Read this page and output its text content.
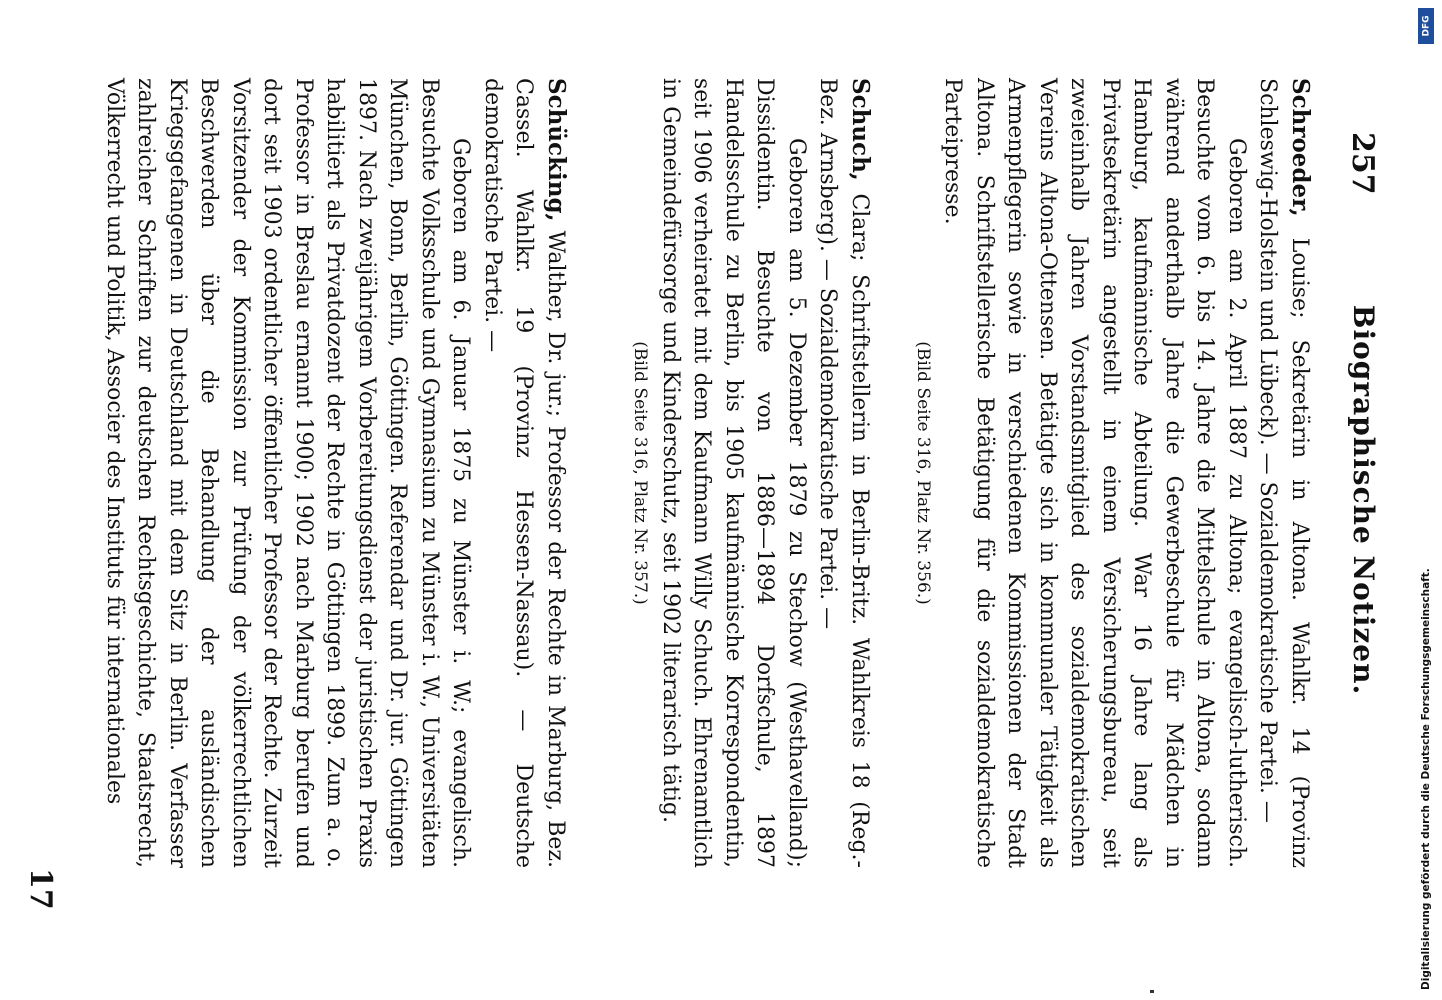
Biographische Notizen.
257

Schroeder, Louise; Sekretärin in Altona. Wahlkr. 14 (Provinz Schleswig-Holstein und Lübeck). — Sozialdemokratische Partei. —

Geboren am 2. April 1887 zu Altona; evangelisch-lutherisch. Besuchte vom 6. bis 14. Jahre die Mittelschule in Altona, sodann während anderthalb Jahre die Gewerbeschule für Mädchen in Hamburg, kaufmännische Abteilung. War 16 Jahre lang als Privatsekretärin angestellt in einem Versicherungsbureau, seit zweieinhalb Jahren Vorstandsmitglied des sozialdemokratischen Vereins Altona-Ottensen. Betätigte sich in kommunaler Tätigkeit als Armenpflegerin sowie in verschiedenen Kommissionen der Stadt Altona. Schriftstellerische Betätigung für die sozialdemokratische Parteipresse.

(Bild Seite 316, Platz Nr. 356.)

Schuch, Clara; Schriftstellerin in Berlin-Britz. Wahlkreis 18 (Reg.-Bez. Arnsberg). — Sozialdemokratische Partei. —

Geboren am 5. Dezember 1879 zu Stechow (Westhavelland); Dissidentin. Besuchte von 1886—1894 Dorfschule, 1897 Handelsschule zu Berlin, bis 1905 kaufmännische Korrespondentin, seit 1906 verheiratet mit dem Kaufmann Willy Schuch. Ehrenamtlich in Gemeindefürsorge und Kinderschutz, seit 1902 literarisch tätig.

(Bild Seite 316, Platz Nr. 357.)

Schücking, Walther, Dr. jur.; Professor der Rechte in Marburg, Bez. Cassel. Wahlkr. 19 (Provinz Hessen-Nassau). — Deutsche demokratische Partei. —

Geboren am 6. Januar 1875 zu Münster i. W.; evangelisch. Besuchte Volksschule und Gymnasium zu Münster i. W., Universitäten München, Bonn, Berlin, Göttingen. Referendar und Dr. jur. Göttingen 1897. Nach zweijährigem Vorbereitungsdienst der juristischen Praxis habilitiert als Privatdozent der Rechte in Göttingen 1899. Zum a. o. Professor in Breslau ernannt 1900; 1902 nach Marburg berufen und dort seit 1903 ordentlicher öffentlicher Professor der Rechte. Zurzeit Vorsitzender der Kommission zur Prüfung der völkerrechtlichen Beschwerden über die Behandlung der ausländischen Kriegsgefangenen in Deutschland mit dem Sitz in Berlin. Verfasser zahlreicher Schriften zur deutschen Rechtsgeschichte, Staatsrecht, Völkerrecht und Politik, Associer des Instituts für internationales

17
DFG
Digitalisierung gefördert durch die Deutsche Forschungsgemeinschaft.
